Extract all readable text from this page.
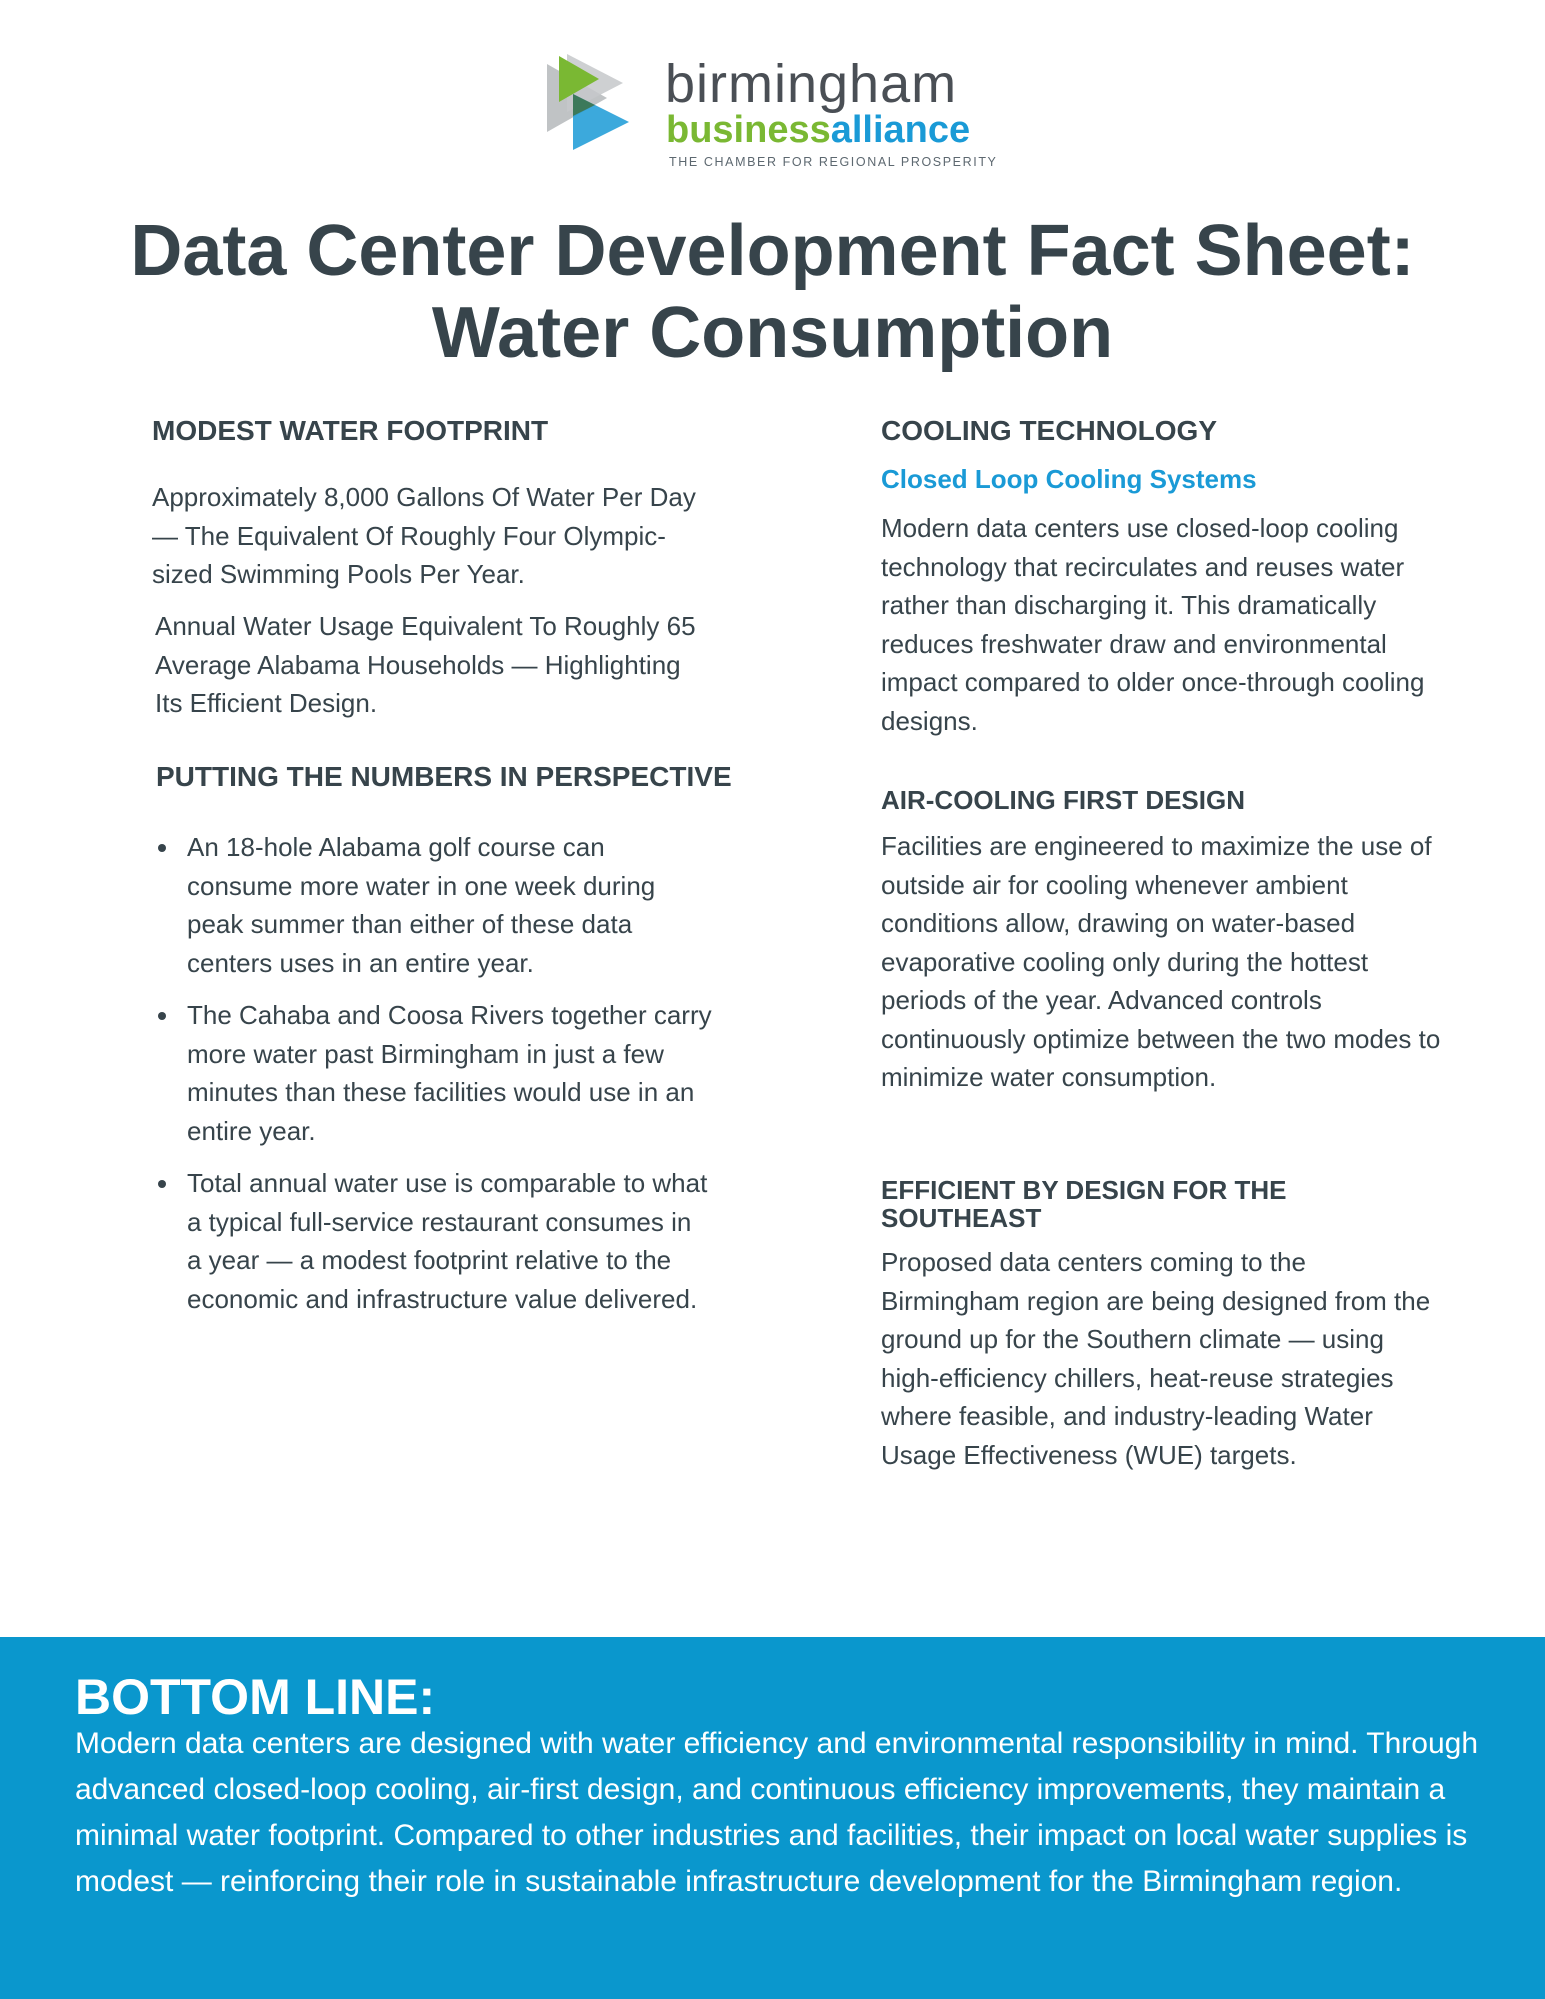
birmingham
businessalliance
THE CHAMBER FOR REGIONAL PROSPERITY
Data Center Development Fact Sheet:
Water Consumption
MODEST WATER FOOTPRINT

Approximately 8,000 Gallons Of Water Per Day — The Equivalent Of Roughly Four Olympic-sized Swimming Pools Per Year.

Annual Water Usage Equivalent To Roughly 65 Average Alabama Households — Highlighting Its Efficient Design.

PUTTING THE NUMBERS IN PERSPECTIVE
An 18-hole Alabama golf course can consume more water in one week during peak summer than either of these data centers uses in an entire year.
The Cahaba and Coosa Rivers together carry more water past Birmingham in just a few minutes than these facilities would use in an entire year.
Total annual water use is comparable to what a typical full-service restaurant consumes in a year — a modest footprint relative to the economic and infrastructure value delivered.
COOLING TECHNOLOGY
Closed Loop Cooling Systems

Modern data centers use closed-loop cooling technology that recirculates and reuses water rather than discharging it. This dramatically reduces freshwater draw and environmental impact compared to older once-through cooling designs.

AIR-COOLING FIRST DESIGN

Facilities are engineered to maximize the use of outside air for cooling whenever ambient conditions allow, drawing on water-based evaporative cooling only during the hottest periods of the year. Advanced controls continuously optimize between the two modes to minimize water consumption.

EFFICIENT BY DESIGN FOR THE
SOUTHEAST

Proposed data centers coming to the Birmingham region are being designed from the ground up for the Southern climate — using high-efficiency chillers, heat-reuse strategies where feasible, and industry-leading Water Usage Effectiveness (WUE) targets.

BOTTOM LINE:
Modern data centers are designed with water efficiency and environmental responsibility in mind. Through advanced closed-loop cooling, air-first design, and continuous efficiency improvements, they maintain a minimal water footprint. Compared to other industries and facilities, their impact on local water supplies is modest — reinforcing their role in sustainable infrastructure development for the Birmingham region.
